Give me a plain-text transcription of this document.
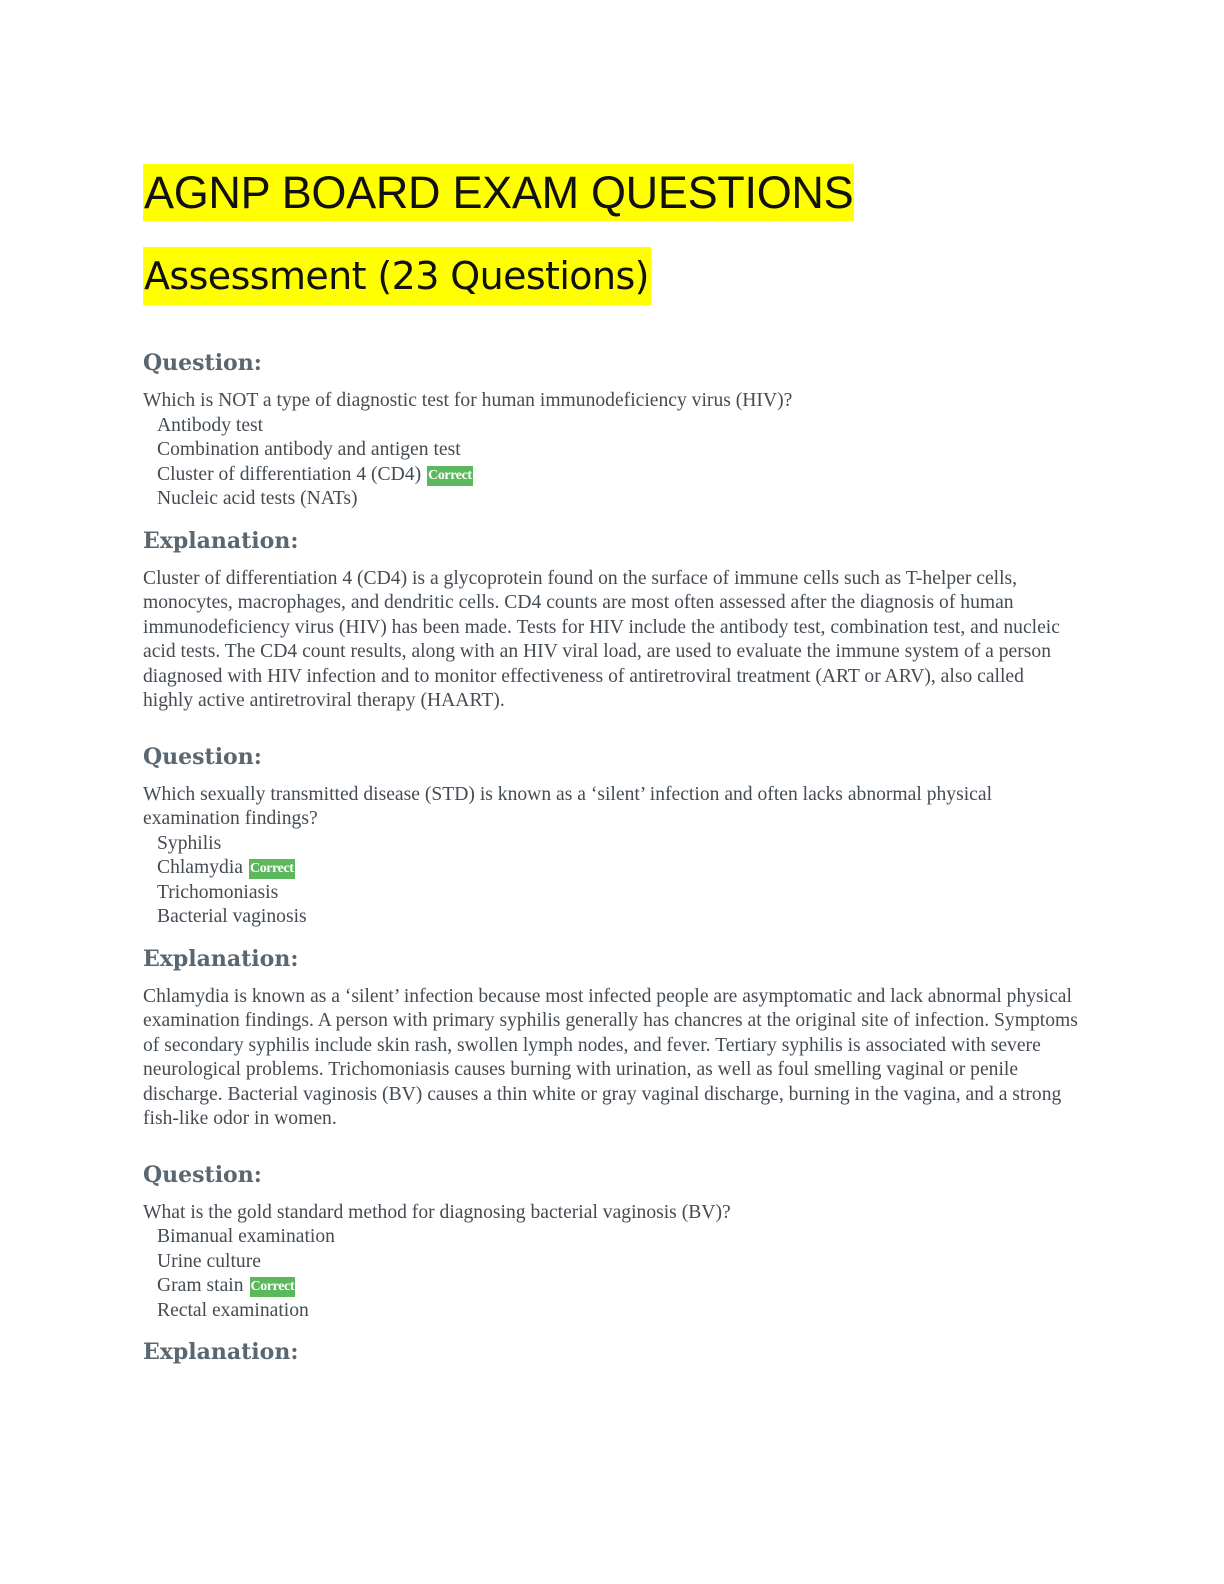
AGNP BOARD EXAM QUESTIONS
Assessment (23 Questions)
Question:

Which is NOT a type of diagnostic test for human immunodeficiency virus (HIV)?

Antibody test
Combination antibody and antigen test
Cluster of differentiation 4 (CD4) Correct
Nucleic acid tests (NATs)
Explanation:

Cluster of differentiation 4 (CD4) is a glycoprotein found on the surface of immune cells such as T-helper cells, monocytes, macrophages, and dendritic cells. CD4 counts are most often assessed after the diagnosis of human immunodeficiency virus (HIV) has been made. Tests for HIV include the antibody test, combination test, and nucleic acid tests. The CD4 count results, along with an HIV viral load, are used to evaluate the immune system of a person diagnosed with HIV infection and to monitor effectiveness of antiretroviral treatment (ART or ARV), also called highly active antiretroviral therapy (HAART).

Question:

Which sexually transmitted disease (STD) is known as a ‘silent’ infection and often lacks abnormal physical examination findings?

Syphilis
Chlamydia Correct
Trichomoniasis
Bacterial vaginosis
Explanation:

Chlamydia is known as a ‘silent’ infection because most infected people are asymptomatic and lack abnormal physical examination findings. A person with primary syphilis generally has chancres at the original site of infection. Symptoms of secondary syphilis include skin rash, swollen lymph nodes, and fever. Tertiary syphilis is associated with severe neurological problems. Trichomoniasis causes burning with urination, as well as foul smelling vaginal or penile discharge. Bacterial vaginosis (BV) causes a thin white or gray vaginal discharge, burning in the vagina, and a strong fish-like odor in women.

Question:

What is the gold standard method for diagnosing bacterial vaginosis (BV)?

Bimanual examination
Urine culture
Gram stain Correct
Rectal examination
Explanation:
